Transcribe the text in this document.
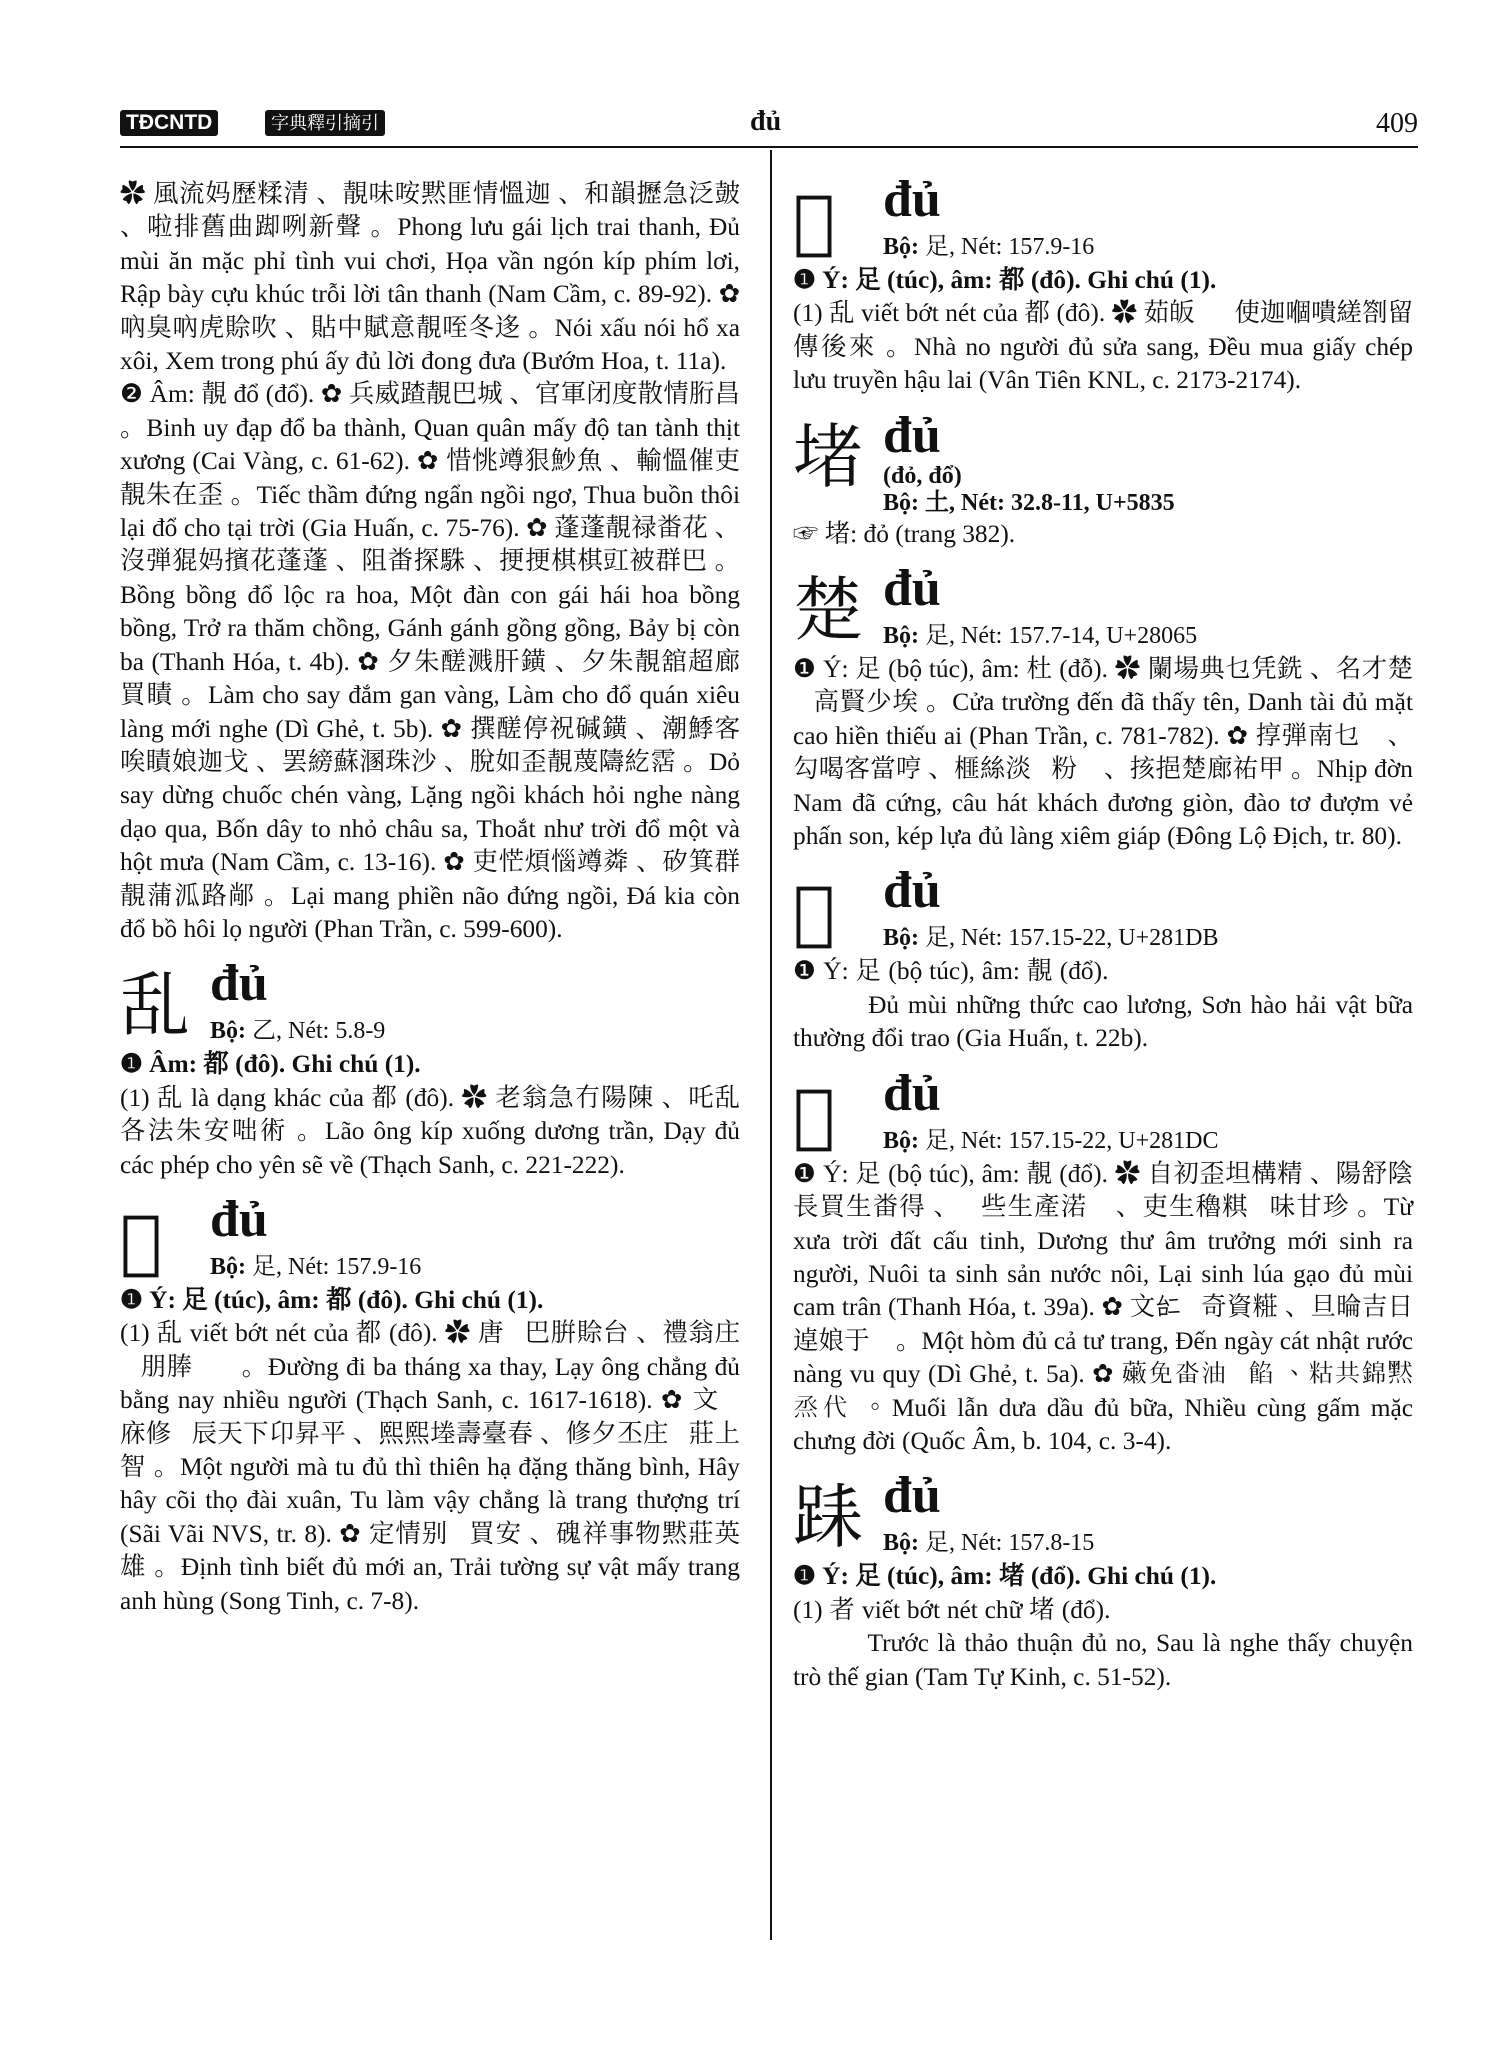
TĐCNTD	字典釋引摘引	đủ	409

✿ 風流妈歷糅清 、靚味咹黙匪情慍迦 、和韻攊急泛皷 、啦排舊曲踋咧新聲 。Phong lưu gái lịch trai thanh, Đủ mùi ăn mặc phỉ tình vui chơi, Họa vần ngón kíp phím lơi, Rập bày cựu khúc trỗi lời tân thanh (Nam Cầm, c. 89-92). ✿ 吶臭吶虎賒吹 、貼中賦意靚咥冬迻 。Nói xấu nói hổ xa xôi, Xem trong phú ấy đủ lời đong đưa (Bướm Hoa, t. 11a).

❷ Âm: 靚 đổ (đổ). ✿ 兵威蹅靚巴城 、官軍闭度散情胻昌 。Binh uy đạp đổ ba thành, Quan quân mấy độ tan tành thịt xương (Cai Vàng, c. 61-62). ✿ 惜恌竴狠魦魚 、輸慍催吏靚朱在歪 。Tiếc thầm đứng ngẩn ngồi ngơ, Thua buồn thôi lại đổ cho tại trời (Gia Huấn, c. 75-76). ✿ 蓬蓬靚禄畨花 、沒弾猑妈擯花蓬蓬 、阻畨探駯 、挭挭棋棋豇被群巴 。Bồng bồng đổ lộc ra hoa, Một đàn con gái hái hoa bồng bồng, Trở ra thăm chồng, Gánh gánh gồng gồng, Bảy bị còn ba (Thanh Hóa, t. 4b). ✿ 夕朱醝溅肝鐄 、夕朱靚舘超廊買瞔 。Làm cho say đắm gan vàng, Làm cho đổ quán xiêu làng mới nghe (Dì Ghẻ, t. 5b). ✿ 撰醝停祝碱鐄 、潮鯚客唉瞔娘迦戈 、罢縍蘇溷珠沙 、脫如歪靚蔑隯紇霑 。Dỏ say dừng chuốc chén vàng, Lặng ngồi khách hỏi nghe nàng dạo qua, Bốn dây to nhỏ châu sa, Thoắt như trời đổ một và hột mưa (Nam Cầm, c. 13-16). ✿ 吏恾煩惱竴粦 、矽箕群靚蒲泒路䣊 。Lại mang phiền não đứng ngồi, Đá kia còn đổ bồ hôi lọ người (Phan Trần, c. 599-600).

乱 đủ
Bộ: 乙, Nét: 5.8-9
❶ Âm: 都 (đô). Ghi chú (1).
(1) 乱 là dạng khác của 都 (đô). ✿ 老翁急冇陽陳 、吒乱各法朱安咄術 。Lão ông kíp xuống dương trần, Dạy đủ các phép cho yên sẽ về (Thạch Sanh, c. 221-222).
𨀈 đủ
Bộ: 足, Nét: 157.9-16
❶ Ý: 足 (túc), âm: 都 (đô). Ghi chú (1).
(1) 乱 viết bớt nét của 都 (đô). ✿ 唐𠖈巴腁賒台 、禮翁庄𨀈朋䏾𢧚𠁑 。Đường đi ba tháng xa thay, Lạy ông chẳng đủ bằng nay nhiều người (Thạch Sanh, c. 1617-1618). ✿ 文𨁥庥修𨀈辰天下卬昇平 、熙熙堘壽臺春 、修夕丕庄𢁋莊上智 。Một người mà tu đủ thì thiên hạ đặng thăng bình, Hây hây cõi thọ đài xuân, Tu làm vậy chẳng là trang thượng trí (Sãi Vãi NVS, tr. 8). ✿ 定情别𨀈買安 、磈祥事物黙莊英雄 。Định tình biết đủ mới an, Trải tường sự vật mấy trang anh hùng (Song Tinh, c. 7-8).
𨁥 đủ
Bộ: 足, Nét: 157.9-16
❶ Ý: 足 (túc), âm: 都 (đô). Ghi chú (1).
(1) 乱 viết bớt nét của 都 (đô). ✿ 茹皈𨁥𢩽使迦嗰嘳縒劄留傳後來 。Nhà no người đủ sửa sang, Đều mua giấy chép lưu truyền hậu lai (Vân Tiên KNL, c. 2173-2174).
堵 đủ
(đỏ, đổ)
Bộ: 土, Nét: 32.8-11, U+5835
☞ 堵: đỏ (trang 382).
楚 đủ
Bộ: 足, Nét: 157.7-14, U+28065
❶ Ý: 足 (bộ túc), âm: 杜 (đỗ). ✿ 闌場典乜凭銑 、名才楚𩈘高賢少埃 。Cửa trường đến đã thấy tên, Danh tài đủ mặt cao hiền thiếu ai (Phan Trần, c. 781-782). ✿ 㨃弾南乜𡮶 、勾喝客當哼 、榧絲淡𪀄粉𥗐 、㧡挹楚廊祐甲 。Nhịp đờn Nam đã cứng, câu hát khách đương giòn, đào tơ đượm vẻ phấn son, kép lựa đủ làng xiêm giáp (Đông Lộ Địch, tr. 80).
𨇛 đủ
Bộ: 足, Nét: 157.15-22, U+281DB
❶ Ý: 足 (bộ túc), âm: 靚 (đổ). ✿ 𨇛味仍式膏梁 、山肴海物餡常拊捽 。Đủ mùi những thức cao lương, Sơn hào hải vật bữa thường đổi trao (Gia Huấn, t. 22b).
𨇜 đủ
Bộ: 足, Nét: 157.15-22, U+281DC
❶ Ý: 足 (bộ túc), âm: 靚 (đổ). ✿ 自初歪坦構精 、陽舒陰長買生畨得 、𩟡些生產渃𣻆 、吏生穭粸𨇜味甘珍 。Từ xưa trời đất cấu tinh, Dương thư âm trưởng mới sinh ra người, Nuôi ta sinh sản nước nôi, Lại sinh lúa gạo đủ mùi cam trân (Thanh Hóa, t. 39a). ✿ 文𠄩𨇜奇資糚 、旦㫻吉日逴娘于𨔈 。Một hòm đủ cả tư trang, Đến ngày cát nhật rước nàng vu quy (Dì Ghẻ, t. 5a). ✿ 𧀒免畓油𨇜餡 、䊀共錦黙烝代 。Muối lẫn dưa dầu đủ bữa, Nhiều cùng gấm mặc chưng đời (Quốc Âm, b. 104, c. 3-4).
𨀤 đủ
Bộ: 足, Nét: 157.8-15
❶ Ý: 足 (túc), âm: 堵 (đổ). Ghi chú (1).
(1) 者 viết bớt nét chữ 堵 (đổ). ✿ 𠸗𢁋討順𨀤𢫝 、娄𢁋瞔凭傳徒世間 。Trước là thảo thuận đủ no, Sau là nghe thấy chuyện trò thế gian (Tam Tự Kinh, c. 51-52).
